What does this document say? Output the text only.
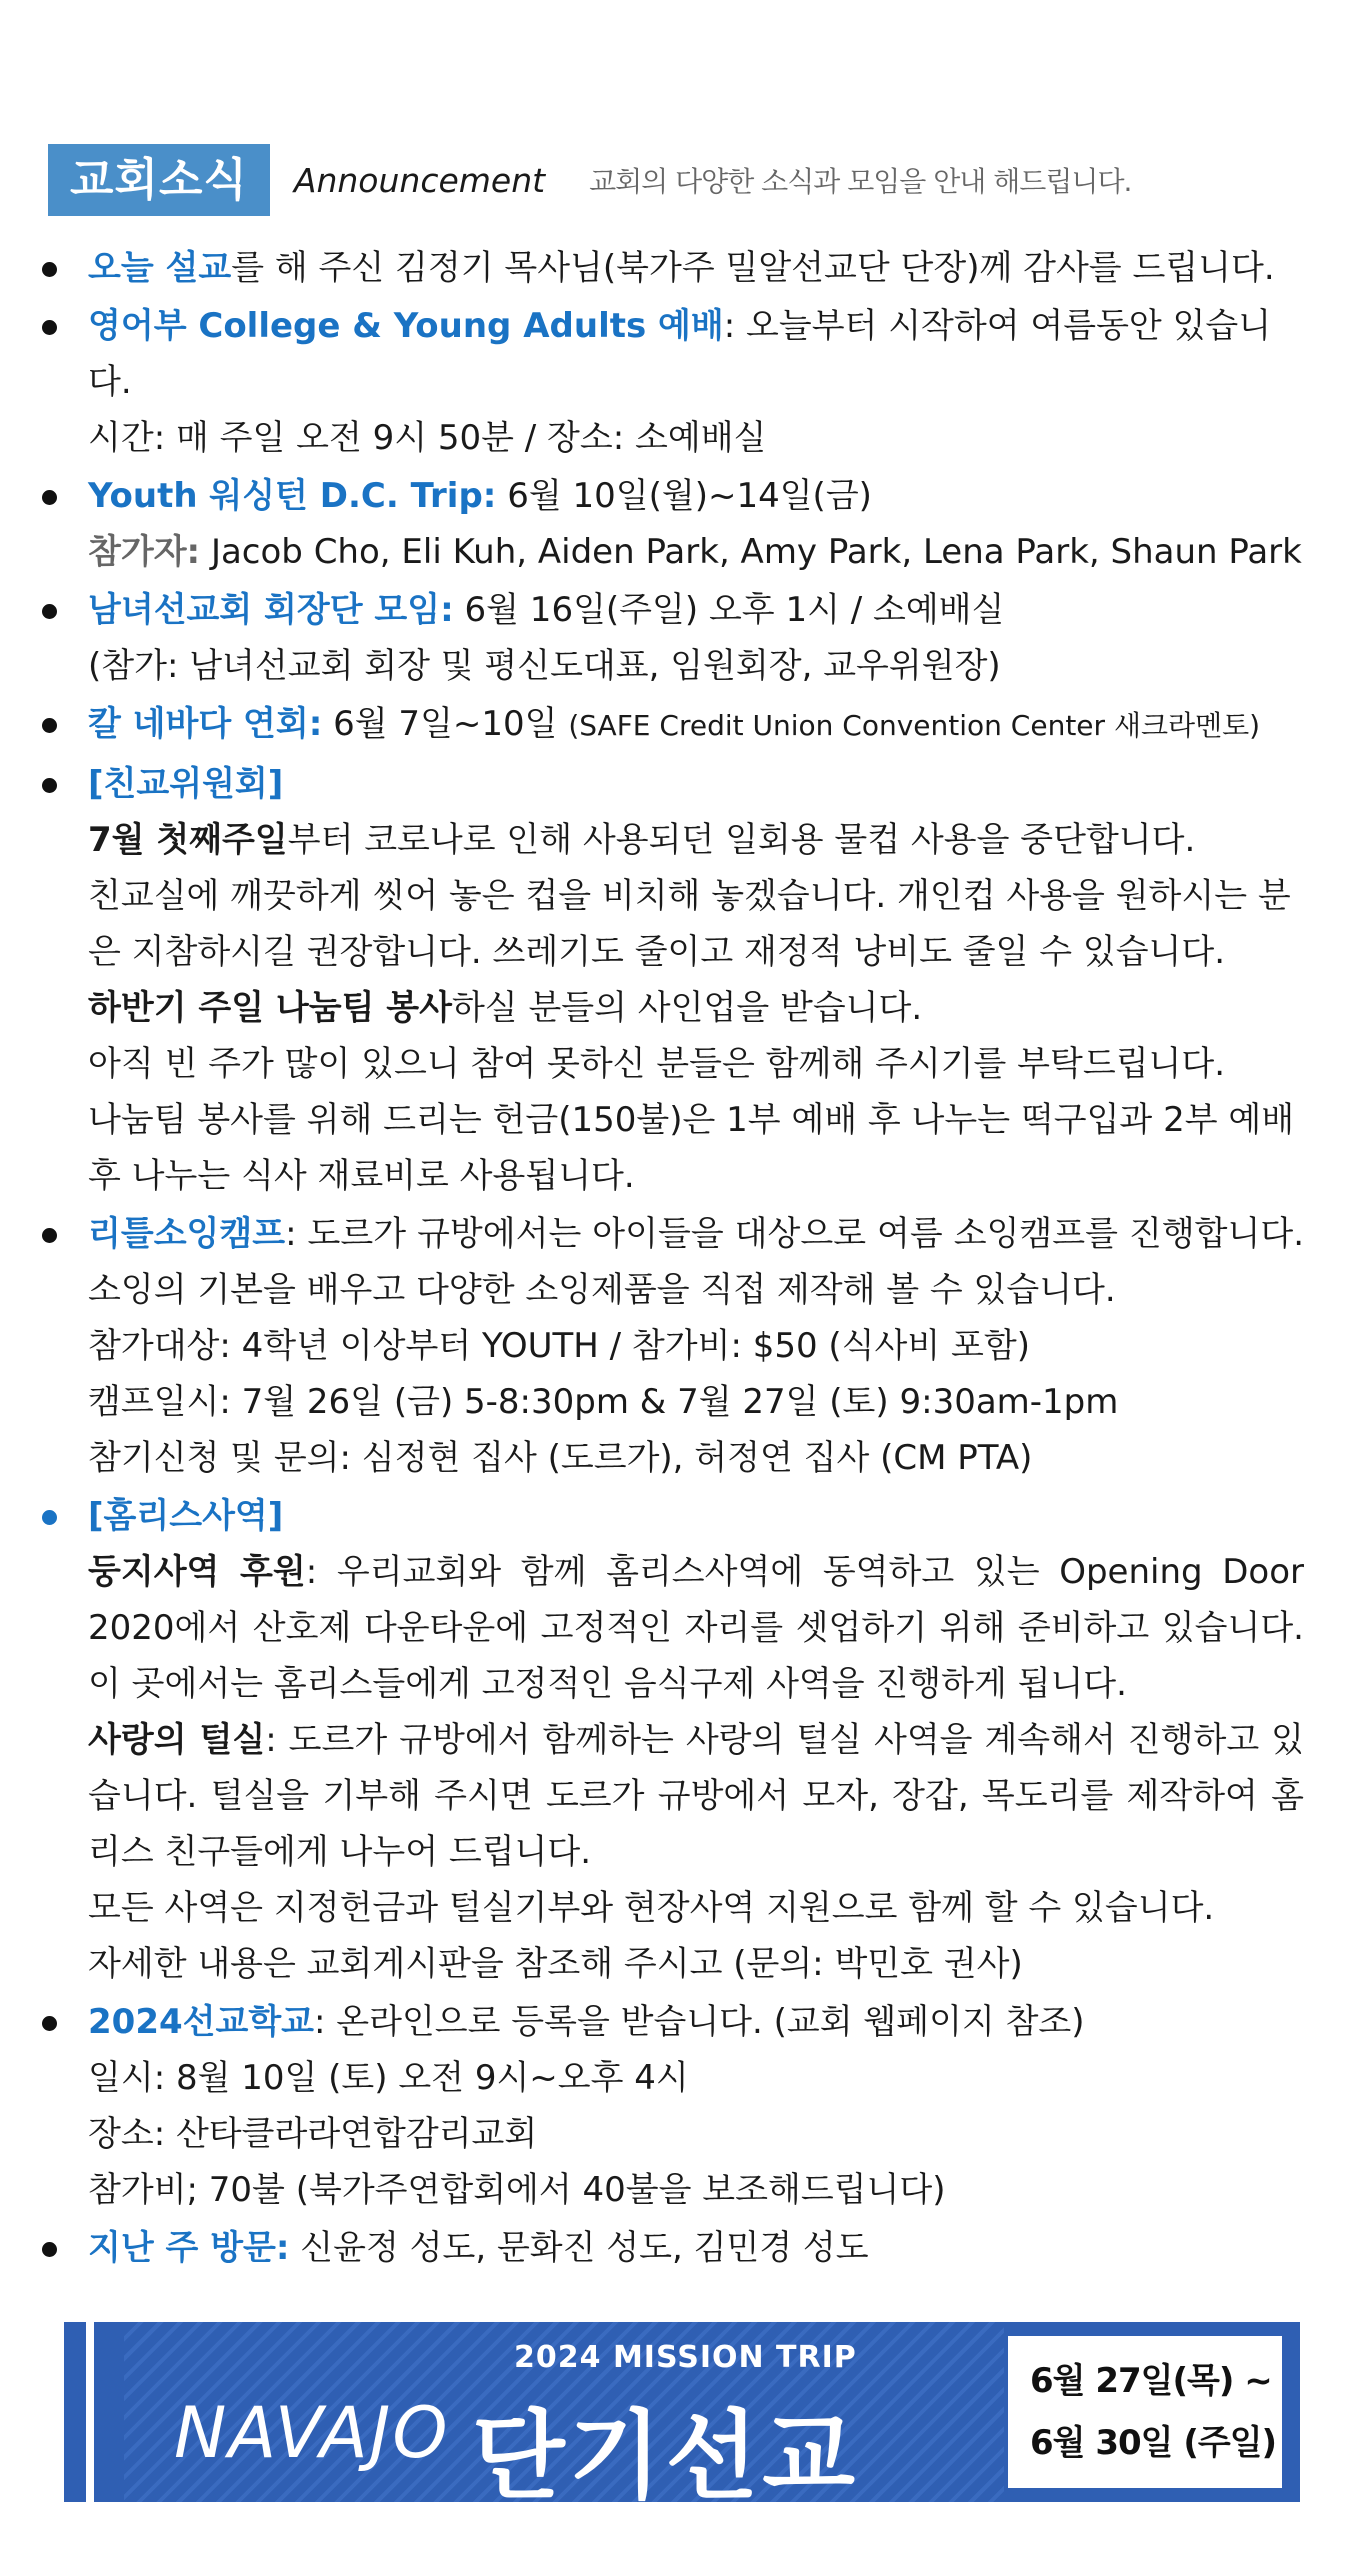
교회소식	Announcement 교회의 다양한 소식과 모임을 안내 해드립니다.
오늘 설교를 해 주신 김정기 목사님(북가주 밀알선교단 단장)께 감사를 드립니다.
영어부 College & Young Adults 예배: 오늘부터 시작하여 여름동안 있습니다.
시간: 매 주일 오전 9시 50분 / 장소: 소예배실
Youth 워싱턴 D.C. Trip: 6월 10일(월)~14일(금)
참가자: Jacob Cho, Eli Kuh, Aiden Park, Amy Park, Lena Park, Shaun Park
남녀선교회 회장단 모임: 6월 16일(주일) 오후 1시 / 소예배실
(참가: 남녀선교회 회장 및 평신도대표, 임원회장, 교우위원장)
칼 네바다 연회: 6월 7일~10일 (SAFE Credit Union Convention Center 새크라멘토)
[친교위원회]
7월 첫째주일부터 코로나로 인해 사용되던 일회용 물컵 사용을 중단합니다.
친교실에 깨끗하게 씻어 놓은 컵을 비치해 놓겠습니다. 개인컵 사용을 원하시는 분은 지참하시길 권장합니다. 쓰레기도 줄이고 재정적 낭비도 줄일 수 있습니다.
하반기 주일 나눔팀 봉사하실 분들의 사인업을 받습니다.
아직 빈 주가 많이 있으니 참여 못하신 분들은 함께해 주시기를 부탁드립니다.
나눔팀 봉사를 위해 드리는 헌금(150불)은 1부 예배 후 나누는 떡구입과 2부 예배 후 나누는 식사 재료비로 사용됩니다.
리틀소잉캠프: 도르가 규방에서는 아이들을 대상으로 여름 소잉캠프를 진행합니다. 소잉의 기본을 배우고 다양한 소잉제품을 직접 제작해 볼 수 있습니다.
참가대상: 4학년 이상부터 YOUTH / 참가비: $50 (식사비 포함)
캠프일시: 7월 26일 (금) 5-8:30pm & 7월 27일 (토) 9:30am-1pm
참기신청 및 문의: 심정현 집사 (도르가), 허정연 집사 (CM PTA)
[홈리스사역]
둥지사역 후원: 우리교회와 함께 홈리스사역에 동역하고 있는 Opening Door 2020에서 산호제 다운타운에 고정적인 자리를 셋업하기 위해 준비하고 있습니다. 이 곳에서는 홈리스들에게 고정적인 음식구제 사역을 진행하게 됩니다.
사랑의 털실: 도르가 규방에서 함께하는 사랑의 털실 사역을 계속해서 진행하고 있습니다. 털실을 기부해 주시면 도르가 규방에서 모자, 장갑, 목도리를 제작하여 홈리스 친구들에게 나누어 드립니다.
모든 사역은 지정헌금과 털실기부와 현장사역 지원으로 함께 할 수 있습니다.
자세한 내용은 교회게시판을 참조해 주시고 (문의: 박민호 권사)
2024선교학교: 온라인으로 등록을 받습니다. (교회 웹페이지 참조)
일시: 8월 10일 (토) 오전 9시~오후 4시
장소: 산타클라라연합감리교회
참가비; 70불 (북가주연합회에서 40불을 보조해드립니다)
지난 주 방문: 신윤정 성도, 문화진 성도, 김민경 성도
2024 MISSION TRIP
NAVAJO 단기선교
6월 27일(목) ~
6월 30일 (주일)
